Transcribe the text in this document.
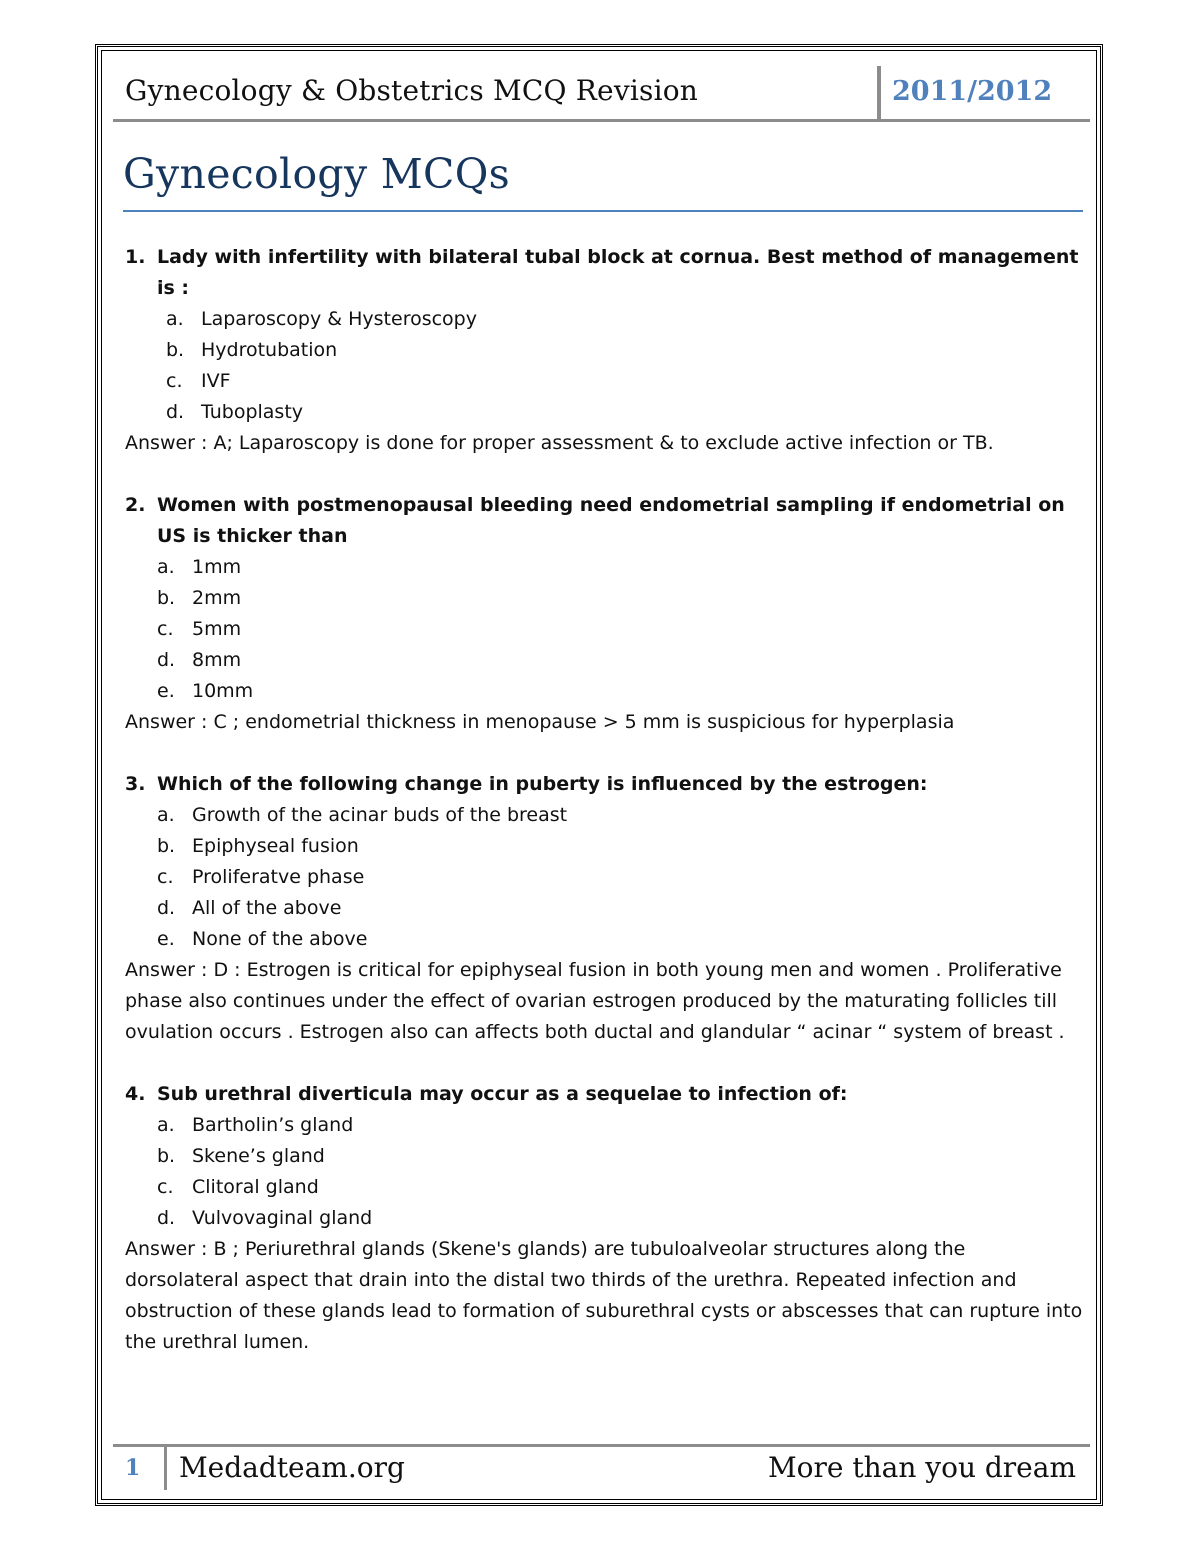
Gynecology & Obstetrics MCQ Revision	2011/2012
Gynecology MCQs
1. Lady with infertility with bilateral tubal block at cornua. Best method of management is :
a. Laparoscopy & Hysteroscopy
b. Hydrotubation
c. IVF
d. Tuboplasty

Answer : A; Laparoscopy is done for proper assessment & to exclude active infection or TB.

2. Women with postmenopausal bleeding need endometrial sampling if endometrial on US is thicker than
a. 1mm
b. 2mm
c. 5mm
d. 8mm
e. 10mm

Answer : C ; endometrial thickness in menopause > 5 mm is suspicious for hyperplasia

3. Which of the following change in puberty is influenced by the estrogen:
a. Growth of the acinar buds of the breast
b. Epiphyseal fusion
c. Proliferatve phase
d. All of the above
e. None of the above

Answer : D : Estrogen is critical for epiphyseal fusion in both young men and women . Proliferative phase also continues under the effect of ovarian estrogen produced by the maturating follicles till ovulation occurs . Estrogen also can affects both ductal and glandular “ acinar “ system of breast .

4. Sub urethral diverticula may occur as a sequelae to infection of:
a. Bartholin’s gland
b. Skene’s gland
c. Clitoral gland
d. Vulvovaginal gland

Answer : B ; Periurethral glands (Skene's glands) are tubuloalveolar structures along the dorsolateral aspect that drain into the distal two thirds of the urethra. Repeated infection and obstruction of these glands lead to formation of suburethral cysts or abscesses that can rupture into the urethral lumen.

1 Medadteam.org	More than you dream
